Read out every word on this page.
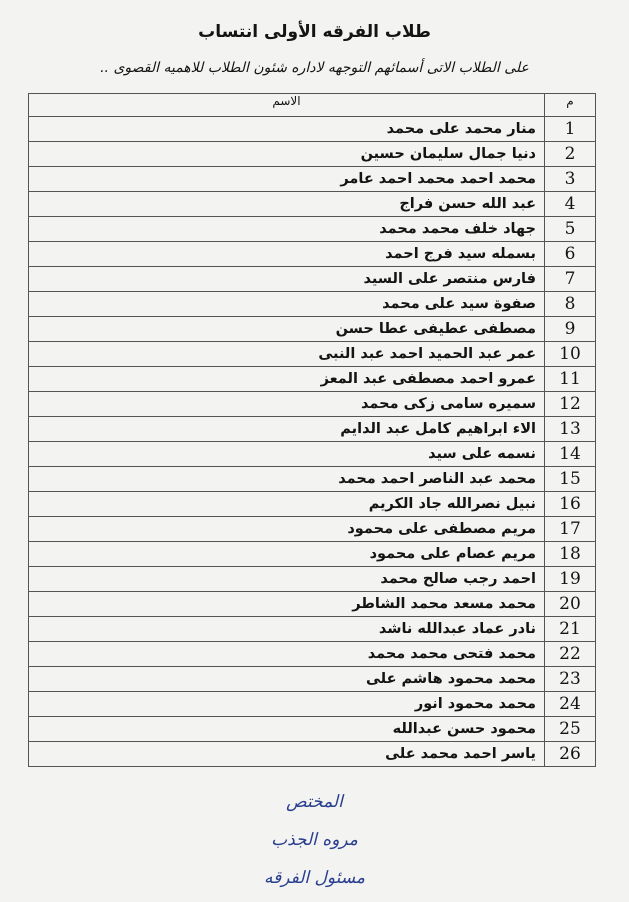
طلاب الفرقه الأولى انتساب
على الطلاب الاتى أسمائهم التوجهه لاداره شئون الطلاب للاهميه القصوى ..
م	الاسم
1	منار محمد على محمد
2	دنيا جمال سليمان حسين
3	محمد احمد محمد احمد عامر
4	عبد الله حسن فراج
5	جهاد خلف محمد محمد
6	بسمله سيد فرج احمد
7	فارس منتصر على السيد
8	صفوة سيد على محمد
9	مصطفى عطيفى عطا حسن
10	عمر عبد الحميد احمد عبد النبى
11	عمرو احمد مصطفى عبد المعز
12	سميره سامى زكى محمد
13	الاء ابراهيم كامل عبد الدايم
14	نسمه على سيد
15	محمد عبد الناصر احمد محمد
16	نبيل نصرالله جاد الكريم
17	مريم مصطفى على محمود
18	مريم عصام على محمود
19	احمد رجب صالح محمد
20	محمد مسعد محمد الشاطر
21	نادر عماد عبدالله ناشد
22	محمد فتحى محمد محمد
23	محمد محمود هاشم على
24	محمد محمود انور
25	محمود حسن عبدالله
26	ياسر احمد محمد على
المختص
مروه الجذب
مسئول الفرقه
